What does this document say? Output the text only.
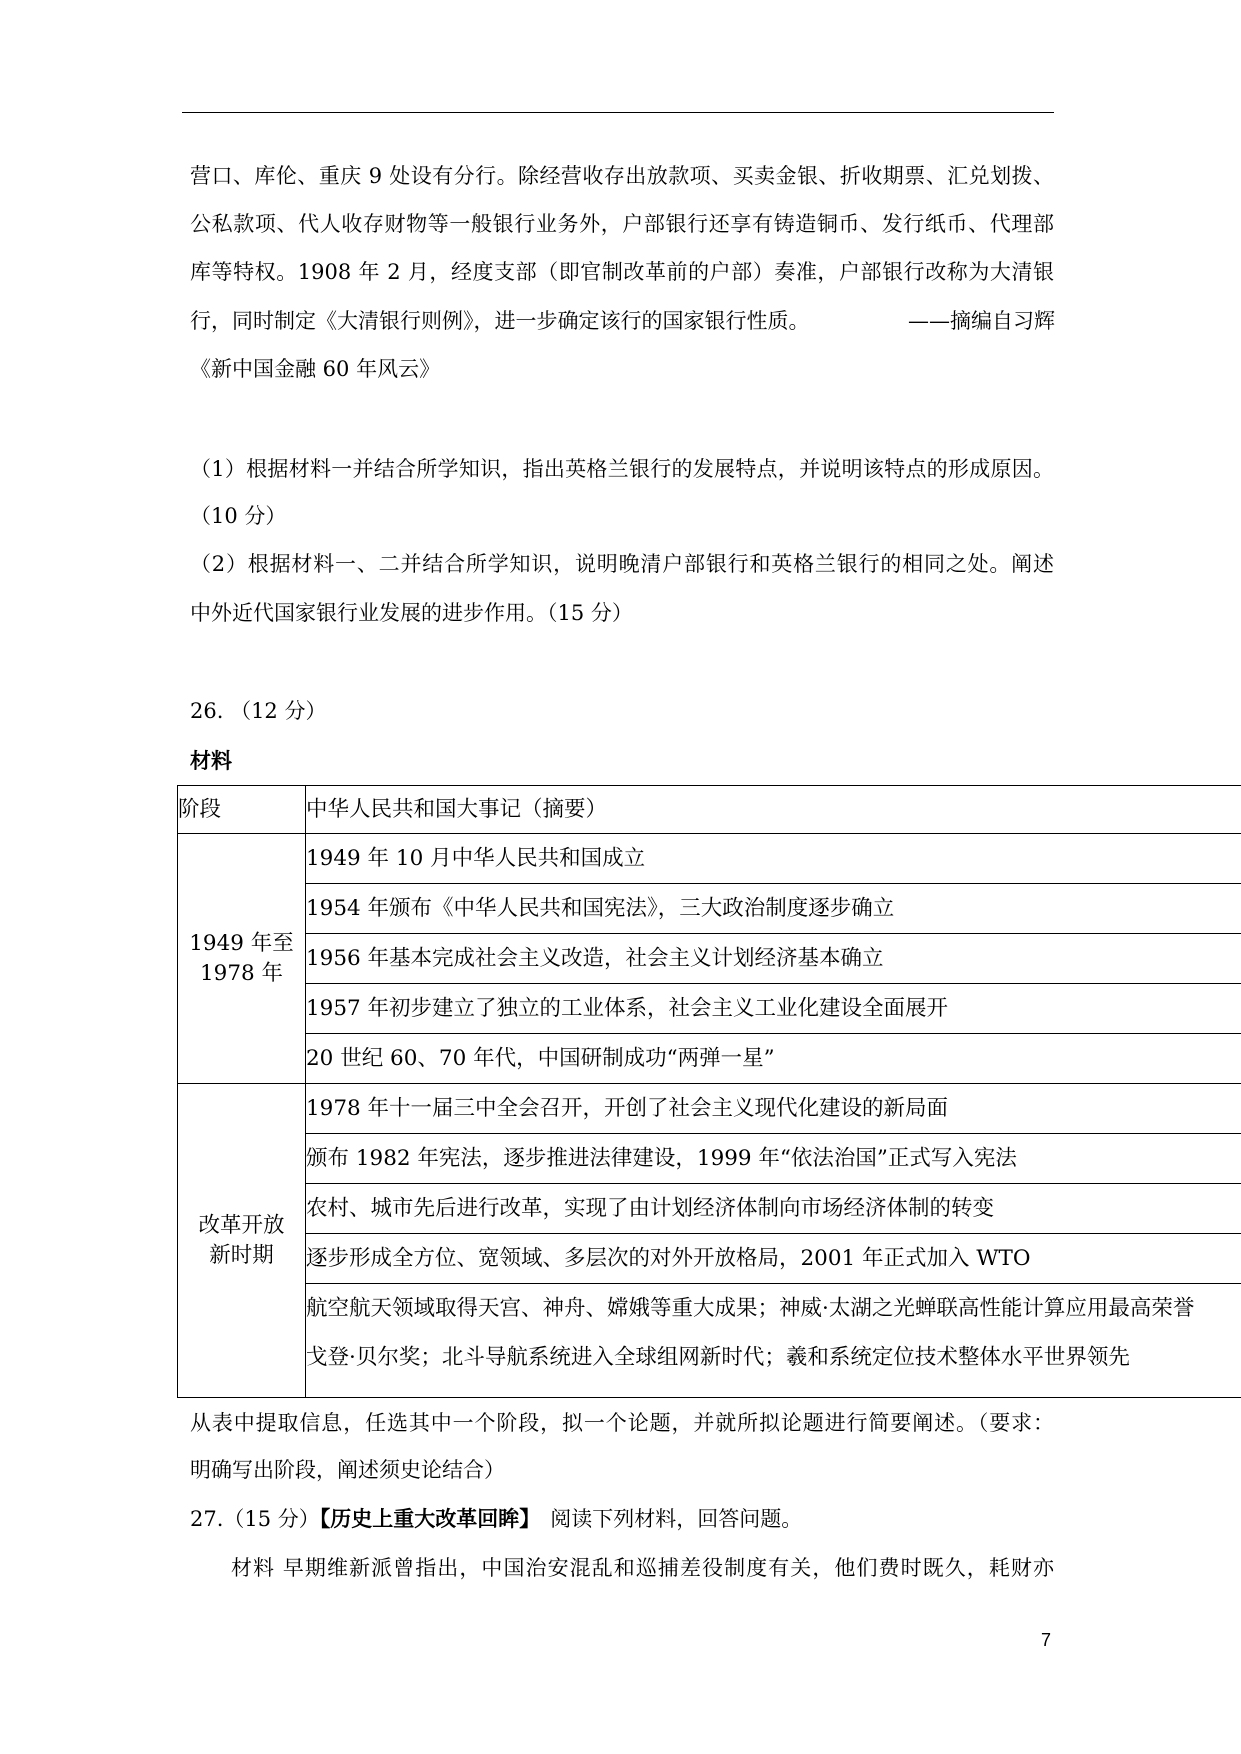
营口、库伦、重庆 9 处设有分行。除经营收存出放款项、买卖金银、折收期票、汇兑划拨、
公私款项、代人收存财物等一般银行业务外，户部银行还享有铸造铜币、发行纸币、代理部
库等特权。1908 年 2 月，经度支部（即官制改革前的户部）奏准，户部银行改称为大清银
行，同时制定《大清银行则例》，进一步确定该行的国家银行性质。	——摘编自习辉
《新中国金融 60 年风云》
（1）根据材料一并结合所学知识，指出英格兰银行的发展特点，并说明该特点的形成原因。
（10 分）
（2）根据材料一、二并结合所学知识，说明晚清户部银行和英格兰银行的相同之处。阐述
中外近代国家银行业发展的进步作用。（15 分）
26. （12 分）
材料
阶段	中华人民共和国大事记（摘要）

1949 年至
1978 年	1949 年 10 月中华人民共和国成立

	1954 年颁布《中华人民共和国宪法》，三大政治制度逐步确立

	1956 年基本完成社会主义改造，社会主义计划经济基本确立

	1957 年初步建立了独立的工业体系，社会主义工业化建设全面展开

	20 世纪 60、70 年代，中国研制成功“两弹一星”

改革开放
新时期	1978 年十一届三中全会召开，开创了社会主义现代化建设的新局面

	颁布 1982 年宪法，逐步推进法律建设，1999 年“依法治国”正式写入宪法

	农村、城市先后进行改革，实现了由计划经济体制向市场经济体制的转变

	逐步形成全方位、宽领域、多层次的对外开放格局，2001 年正式加入 WTO

	航空航天领域取得天宫、神舟、嫦娥等重大成果；神威·太湖之光蝉联高性能计算应用最高荣誉
戈登·贝尔奖；北斗导航系统进入全球组网新时代；羲和系统定位技术整体水平世界领先
从表中提取信息，任选其中一个阶段，拟一个论题，并就所拟论题进行简要阐述。（要求：
明确写出阶段，阐述须史论结合）
27.（15 分）【历史上重大改革回眸】 阅读下列材料，回答问题。
材料 早期维新派曾指出，中国治安混乱和巡捕差役制度有关，他们费时既久，耗财亦
7
